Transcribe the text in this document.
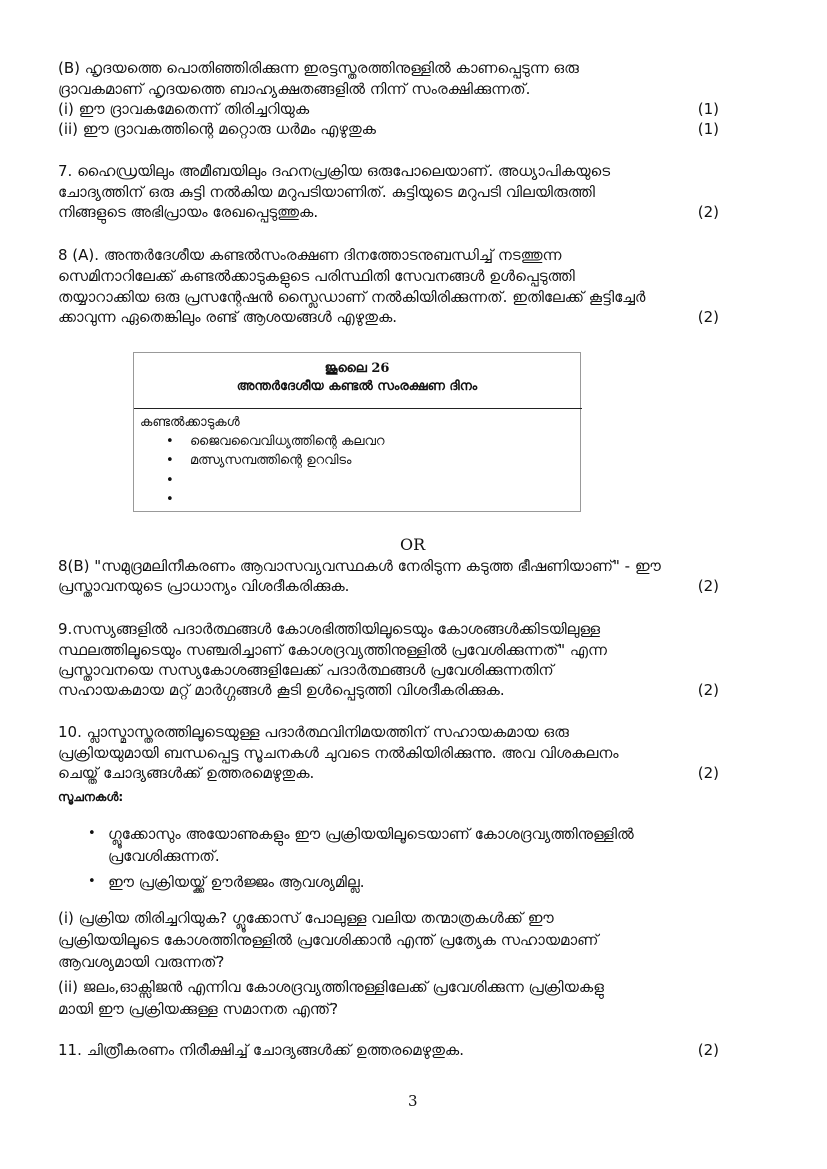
(B) ഹൃദയത്തെ പൊതിഞ്ഞിരിക്കുന്ന ഇരട്ടസ്തരത്തിനുള്ളിൽ കാണപ്പെടുന്ന ഒരു
ദ്രാവകമാണ് ഹൃദയത്തെ ബാഹ്യക്ഷതങ്ങളിൽ നിന്ന് സംരക്ഷിക്കുന്നത്.
(i) ഈ ദ്രാവകമേതെന്ന് തിരിച്ചറിയുക	(1)
(ii) ഈ ദ്രാവകത്തിന്റെ മറ്റൊരു ധർമം എഴുതുക	(1)
7. ഹൈഡ്രയിലും അമീബയിലും ദഹനപ്രക്രിയ ഒരുപോലെയാണ്. അധ്യാപികയുടെ
ചോദ്യത്തിന് ഒരു കുട്ടി നൽകിയ മറുപടിയാണിത്. കുട്ടിയുടെ മറുപടി വിലയിരുത്തി
നിങ്ങളുടെ അഭിപ്രായം രേഖപ്പെടുത്തുക.	(2)
8 (A). അന്തർദേശീയ കണ്ടൽസംരക്ഷണ ദിനത്തോടനുബന്ധിച്ച് നടത്തുന്ന
സെമിനാറിലേക്ക് കണ്ടൽക്കാടുകളുടെ പരിസ്ഥിതി സേവനങ്ങൾ ഉൾപ്പെടുത്തി
തയ്യാറാക്കിയ ഒരു പ്രസന്റേഷൻ സ്ലൈഡാണ് നൽകിയിരിക്കുന്നത്. ഇതിലേക്ക് കൂട്ടിച്ചേർ
ക്കാവുന്ന ഏതെങ്കിലും രണ്ട് ആശയങ്ങൾ എഴുതുക.	(2)
ജൂലൈ 26
അന്തർദേശീയ കണ്ടൽ സംരക്ഷണ ദിനം
കണ്ടൽക്കാടുകൾ
• ജൈവവൈവിധ്യത്തിന്റെ കലവറ
• മത്സ്യസമ്പത്തിന്റെ ഉറവിടം
•
•
OR
8(B) "സമുദ്രമലിനീകരണം ആവാസവ്യവസ്ഥകൾ നേരിടുന്ന കടുത്ത ഭീഷണിയാണ്" - ഈ
പ്രസ്താവനയുടെ പ്രാധാന്യം വിശദീകരിക്കുക.	(2)
9.സസ്യങ്ങളിൽ പദാർത്ഥങ്ങൾ കോശഭിത്തിയിലൂടെയും കോശങ്ങൾക്കിടയിലുള്ള
സ്ഥലത്തിലൂടെയും സഞ്ചരിച്ചാണ് കോശദ്രവ്യത്തിനുള്ളിൽ പ്രവേശിക്കുന്നത്" എന്ന
പ്രസ്താവനയെ സസ്യകോശങ്ങളിലേക്ക് പദാർത്ഥങ്ങൾ പ്രവേശിക്കുന്നതിന്
സഹായകമായ മറ്റ് മാർഗ്ഗങ്ങൾ കൂടി ഉൾപ്പെടുത്തി വിശദീകരിക്കുക.	(2)
10. പ്ലാസ്മാസ്തരത്തിലൂടെയുള്ള പദാർത്ഥവിനിമയത്തിന് സഹായകമായ ഒരു
പ്രക്രിയയുമായി ബന്ധപ്പെട്ട സൂചനകൾ ചുവടെ നൽകിയിരിക്കുന്നു. അവ വിശകലനം
ചെയ്ത് ചോദ്യങ്ങൾക്ക് ഉത്തരമെഴുതുക.	(2)
സൂചനകൾ:
• ഗ്ലൂക്കോസും അയോണുകളും ഈ പ്രക്രിയയിലൂടെയാണ് കോശദ്രവ്യത്തിനുള്ളിൽ
പ്രവേശിക്കുന്നത്.
• ഈ പ്രക്രിയയ്ക്ക് ഊർജ്ജം ആവശ്യമില്ല.
(i) പ്രക്രിയ തിരിച്ചറിയുക? ഗ്ലൂക്കോസ് പോലുള്ള വലിയ തന്മാത്രകൾക്ക് ഈ
പ്രക്രിയയിലൂടെ കോശത്തിനുള്ളിൽ പ്രവേശിക്കാൻ എന്ത് പ്രത്യേക സഹായമാണ്
ആവശ്യമായി വരുന്നത്?
(ii) ജലം,ഓക്സിജൻ എന്നിവ കോശദ്രവ്യത്തിനുള്ളിലേക്ക് പ്രവേശിക്കുന്ന പ്രക്രിയകളു
മായി ഈ പ്രക്രിയക്കുള്ള സമാനത എന്ത്?
11. ചിത്രീകരണം നിരീക്ഷിച്ച് ചോദ്യങ്ങൾക്ക് ഉത്തരമെഴുതുക.	(2)
3
